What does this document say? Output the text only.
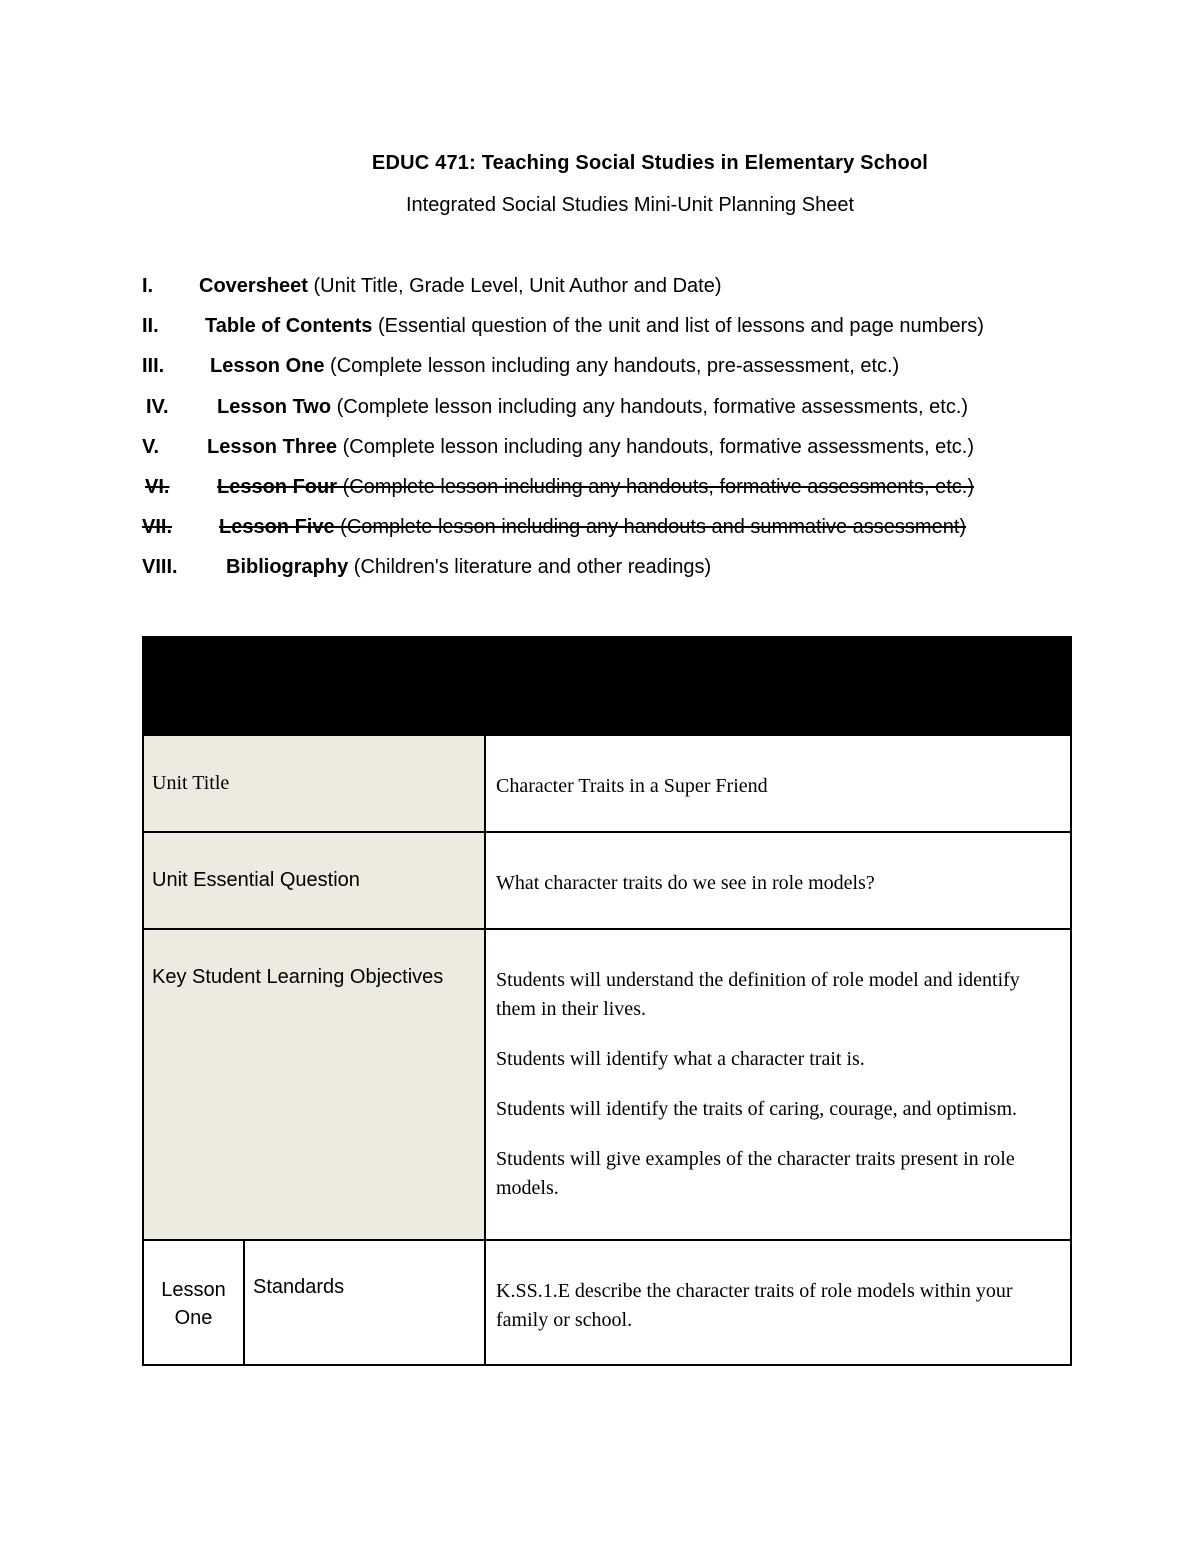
EDUC 471: Teaching Social Studies in Elementary School
Integrated Social Studies Mini-Unit Planning Sheet
I. Coversheet (Unit Title, Grade Level, Unit Author and Date)
II. Table of Contents (Essential question of the unit and list of lessons and page numbers)
III. Lesson One (Complete lesson including any handouts, pre-assessment, etc.)
IV. Lesson Two (Complete lesson including any handouts, formative assessments, etc.)
V. Lesson Three (Complete lesson including any handouts, formative assessments, etc.)
VI.	Lesson Four (Complete lesson including any handouts, formative assessments, etc.)
VII.	Lesson Five (Complete lesson including any handouts and summative assessment)
VIII. Bibliography (Children's literature and other readings)

Unit Title		Character Traits in a Super Friend
Unit Essential Question		What character traits do we see in role models?
Key Student Learning Objectives		Students will understand the definition of role model and identify them in their lives.

Students will identify what a character trait is.

Students will identify the traits of caring, courage, and optimism.

Students will give examples of the character traits present in role models.

Lesson
One	Standards	K.SS.1.E describe the character traits of role models within your family or school.
